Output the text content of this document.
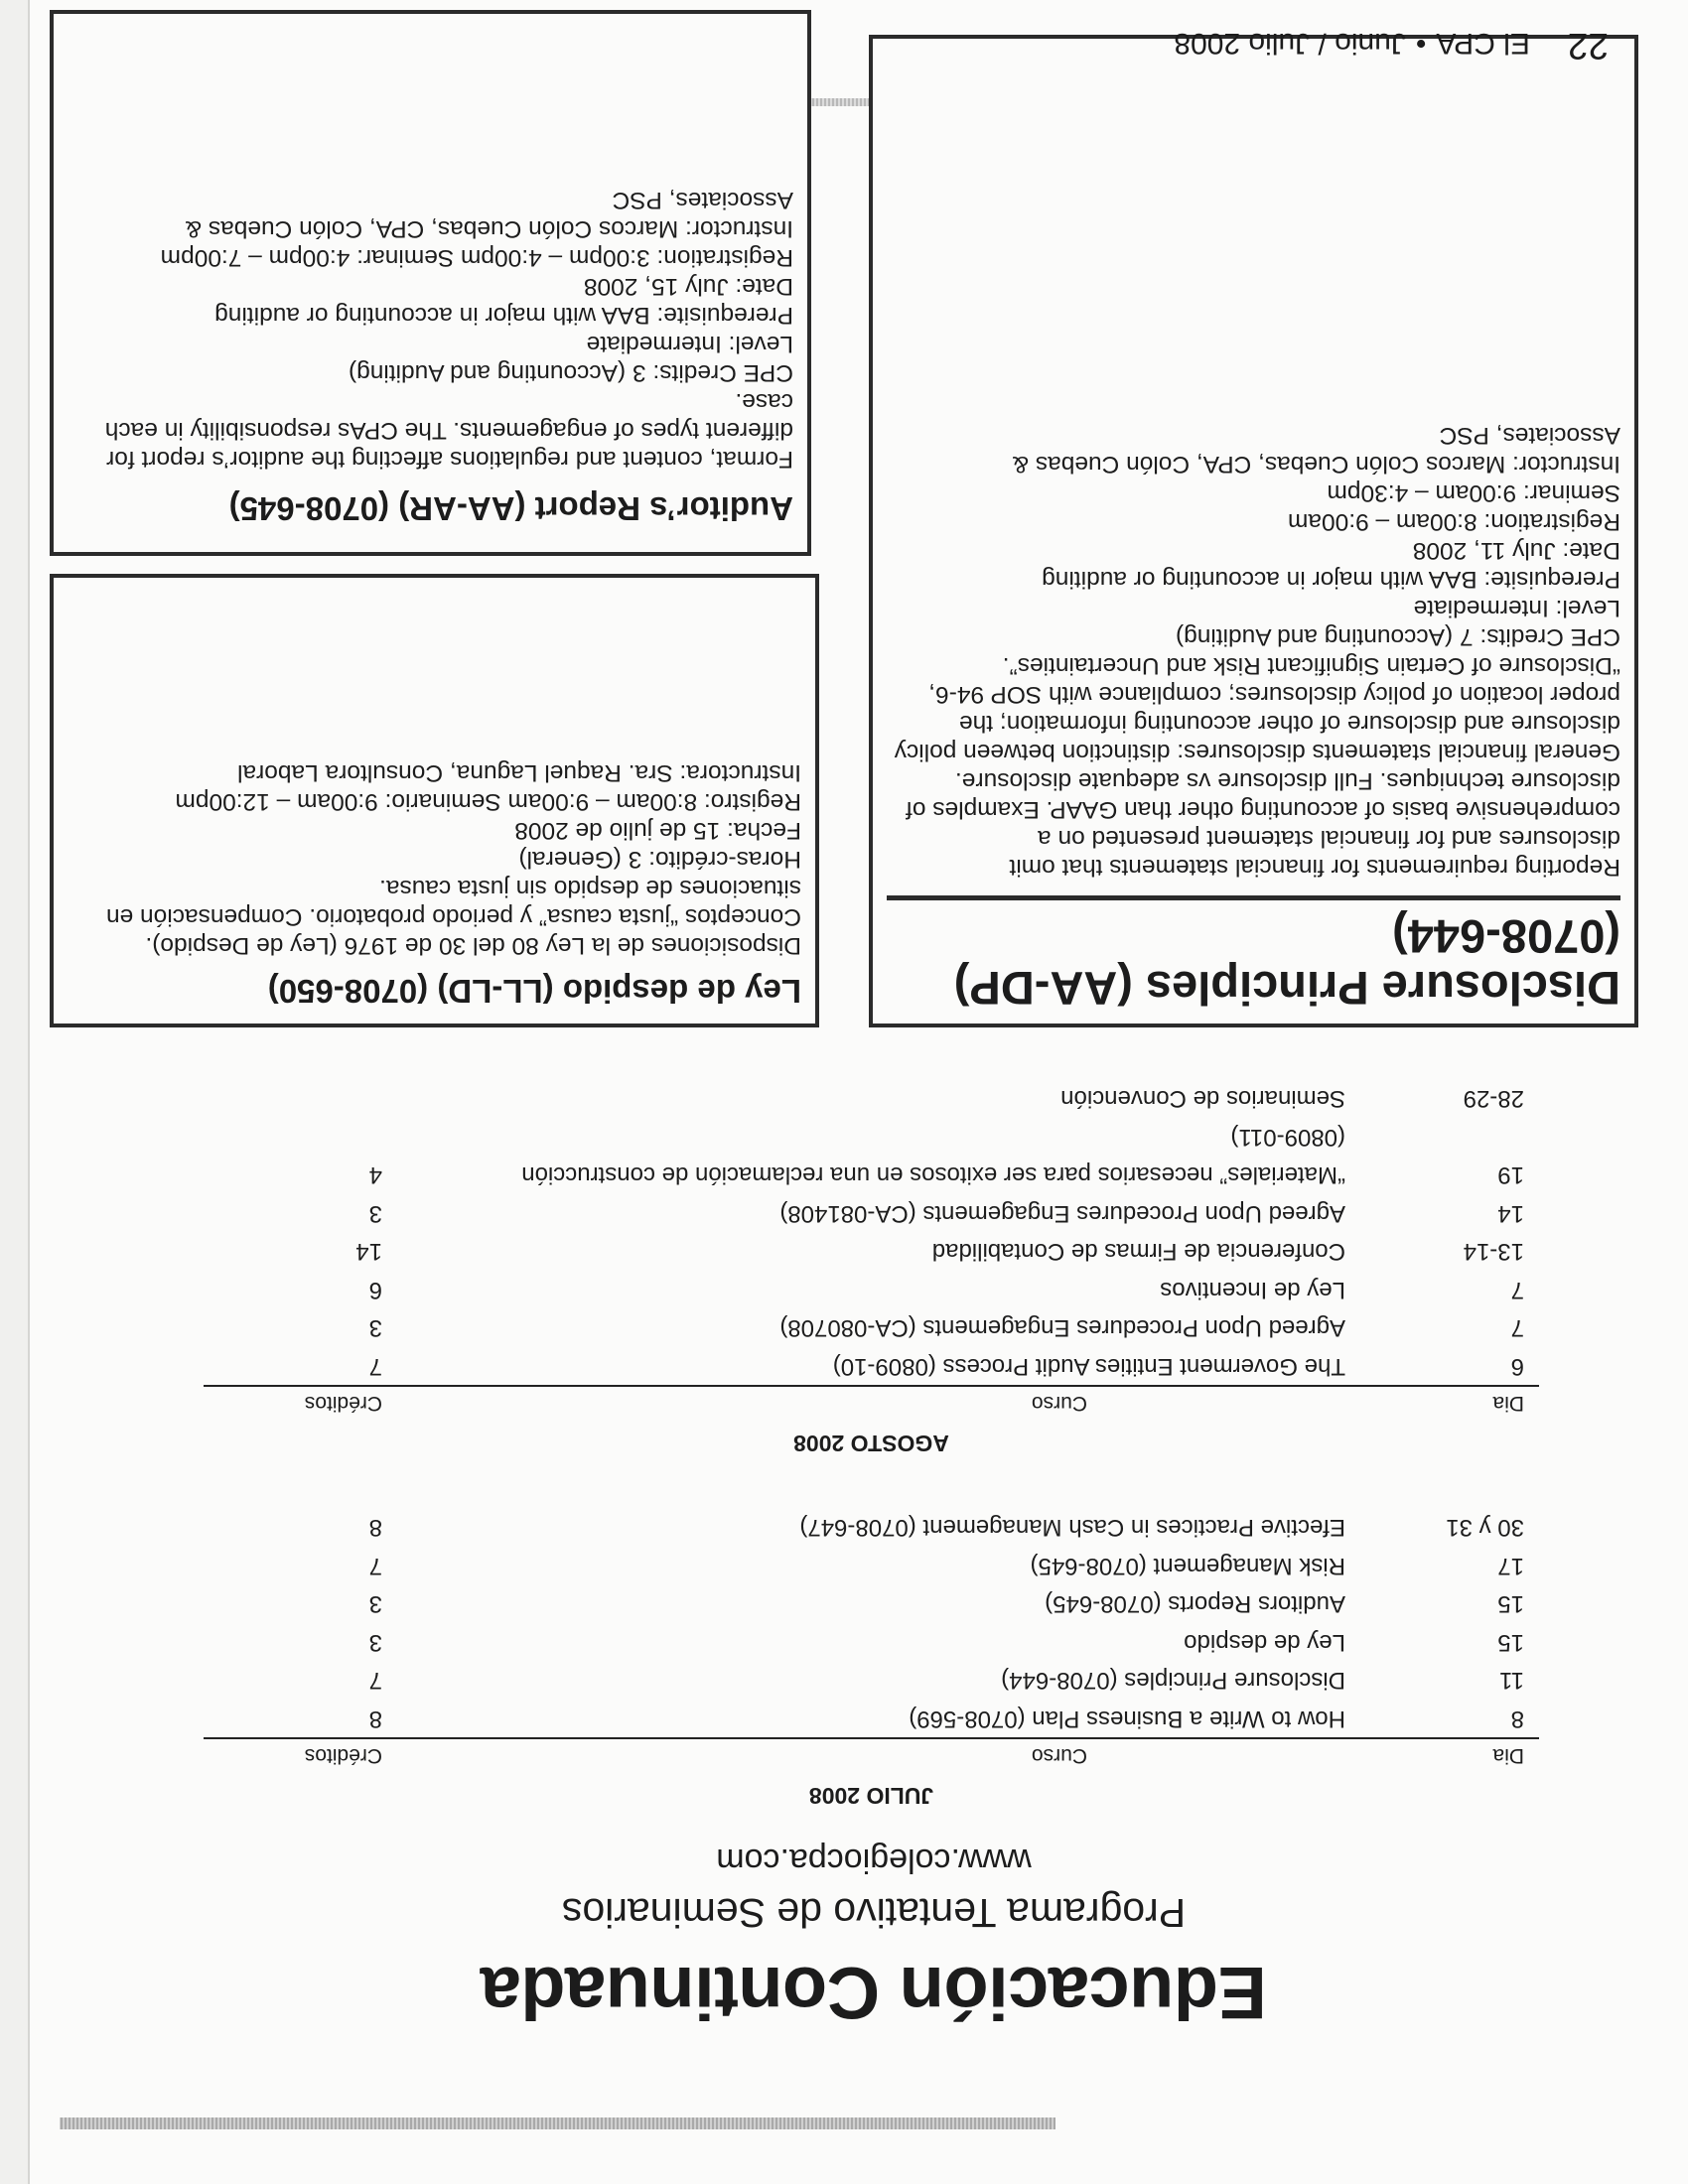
Educación Continuada
Programa Tentativo de Seminarios
www.colegiocpa.com
JULIO 2008
Dia
Curso
Créditos
8
How to Write a Business Plan (0708-569)
8
11
Disclosure Principles (0708-644)
7
15
Ley de despido
3
15
Auditors Reports (0708-645)
3
17
Risk Management (0708-645)
7
30 y 31
Efective Practices in Cash Management (0708-647)
8
AGOSTO 2008
Dia
Curso
Créditos
6
The Goverment Entities Audit Process (0809-10)
7
7
Agreed Upon Procedures Engagements (CA-080708)
3
7
Ley de Incentivos
6
13-14
Conferencia de Firmas de Contabilidad
14
14
Agreed Upon Procedures Engagements (CA-081408)
3
19
“Materiales” necesarios para ser exitosos en una reclamación de construcción
4
(0809-011)
28-29
Seminarios de Convención
Disclosure Principles (AA-DP) (0708-644)

Reporting requirements for financial statements that omit disclosures and for financial statement presented on a comprehensive basis of accounting other than GAAP. Examples of disclosure techniques. Full disclosure vs adequate disclosure. General financial statements disclosures: distinction between policy disclosure and disclosure of other accounting information; the proper location of policy disclosures; compliance with SOP 94-6, “Disclosure of Certain Significant Risk and Uncertainties”.

CPE Credits: 7 (Accounting and Auditing)

Level: Intermediate

Prerequisite: BAA with major in accounting or auditing

Date: July 11, 2008

Registration: 8:00am – 9:00am

Seminar: 9:00am – 4:30pm

Instructor: Marcos Colón Cuebas, CPA, Colón Cuebas & Associates, PSC

Ley de despido (LL-LD) (0708-650)

Disposiciones de la Ley 80 del 30 de 1976 (Ley de Despido). Conceptos “justa causa” y periodo probatorio. Compensación en situaciones de despido sin justa causa.

Horas-crédito: 3 (General)

Fecha: 15 de julio de 2008

Registro: 8:00am – 9:00am Seminario: 9:00am – 12:00pm

Instructora: Sra. Raquel Laguna, Consultora Laboral

Auditor’s Report (AA-AR) (0708-645)

Format, content and regulations affecting the auditor’s report for different types of engagements. The CPAs responsibility in each case.

CPE Credits: 3 (Accounting and Auditing)

Level: Intermediate

Prerequisite: BAA with major in accounting or auditing

Date: July 15, 2008

Registration: 3:00pm – 4:00pm Seminar: 4:00pm – 7:00pm

Instructor: Marcos Colón Cuebas, CPA, Colón Cuebas & Associates, PSC

22
El CPA
•
Junio / Julio 2008
